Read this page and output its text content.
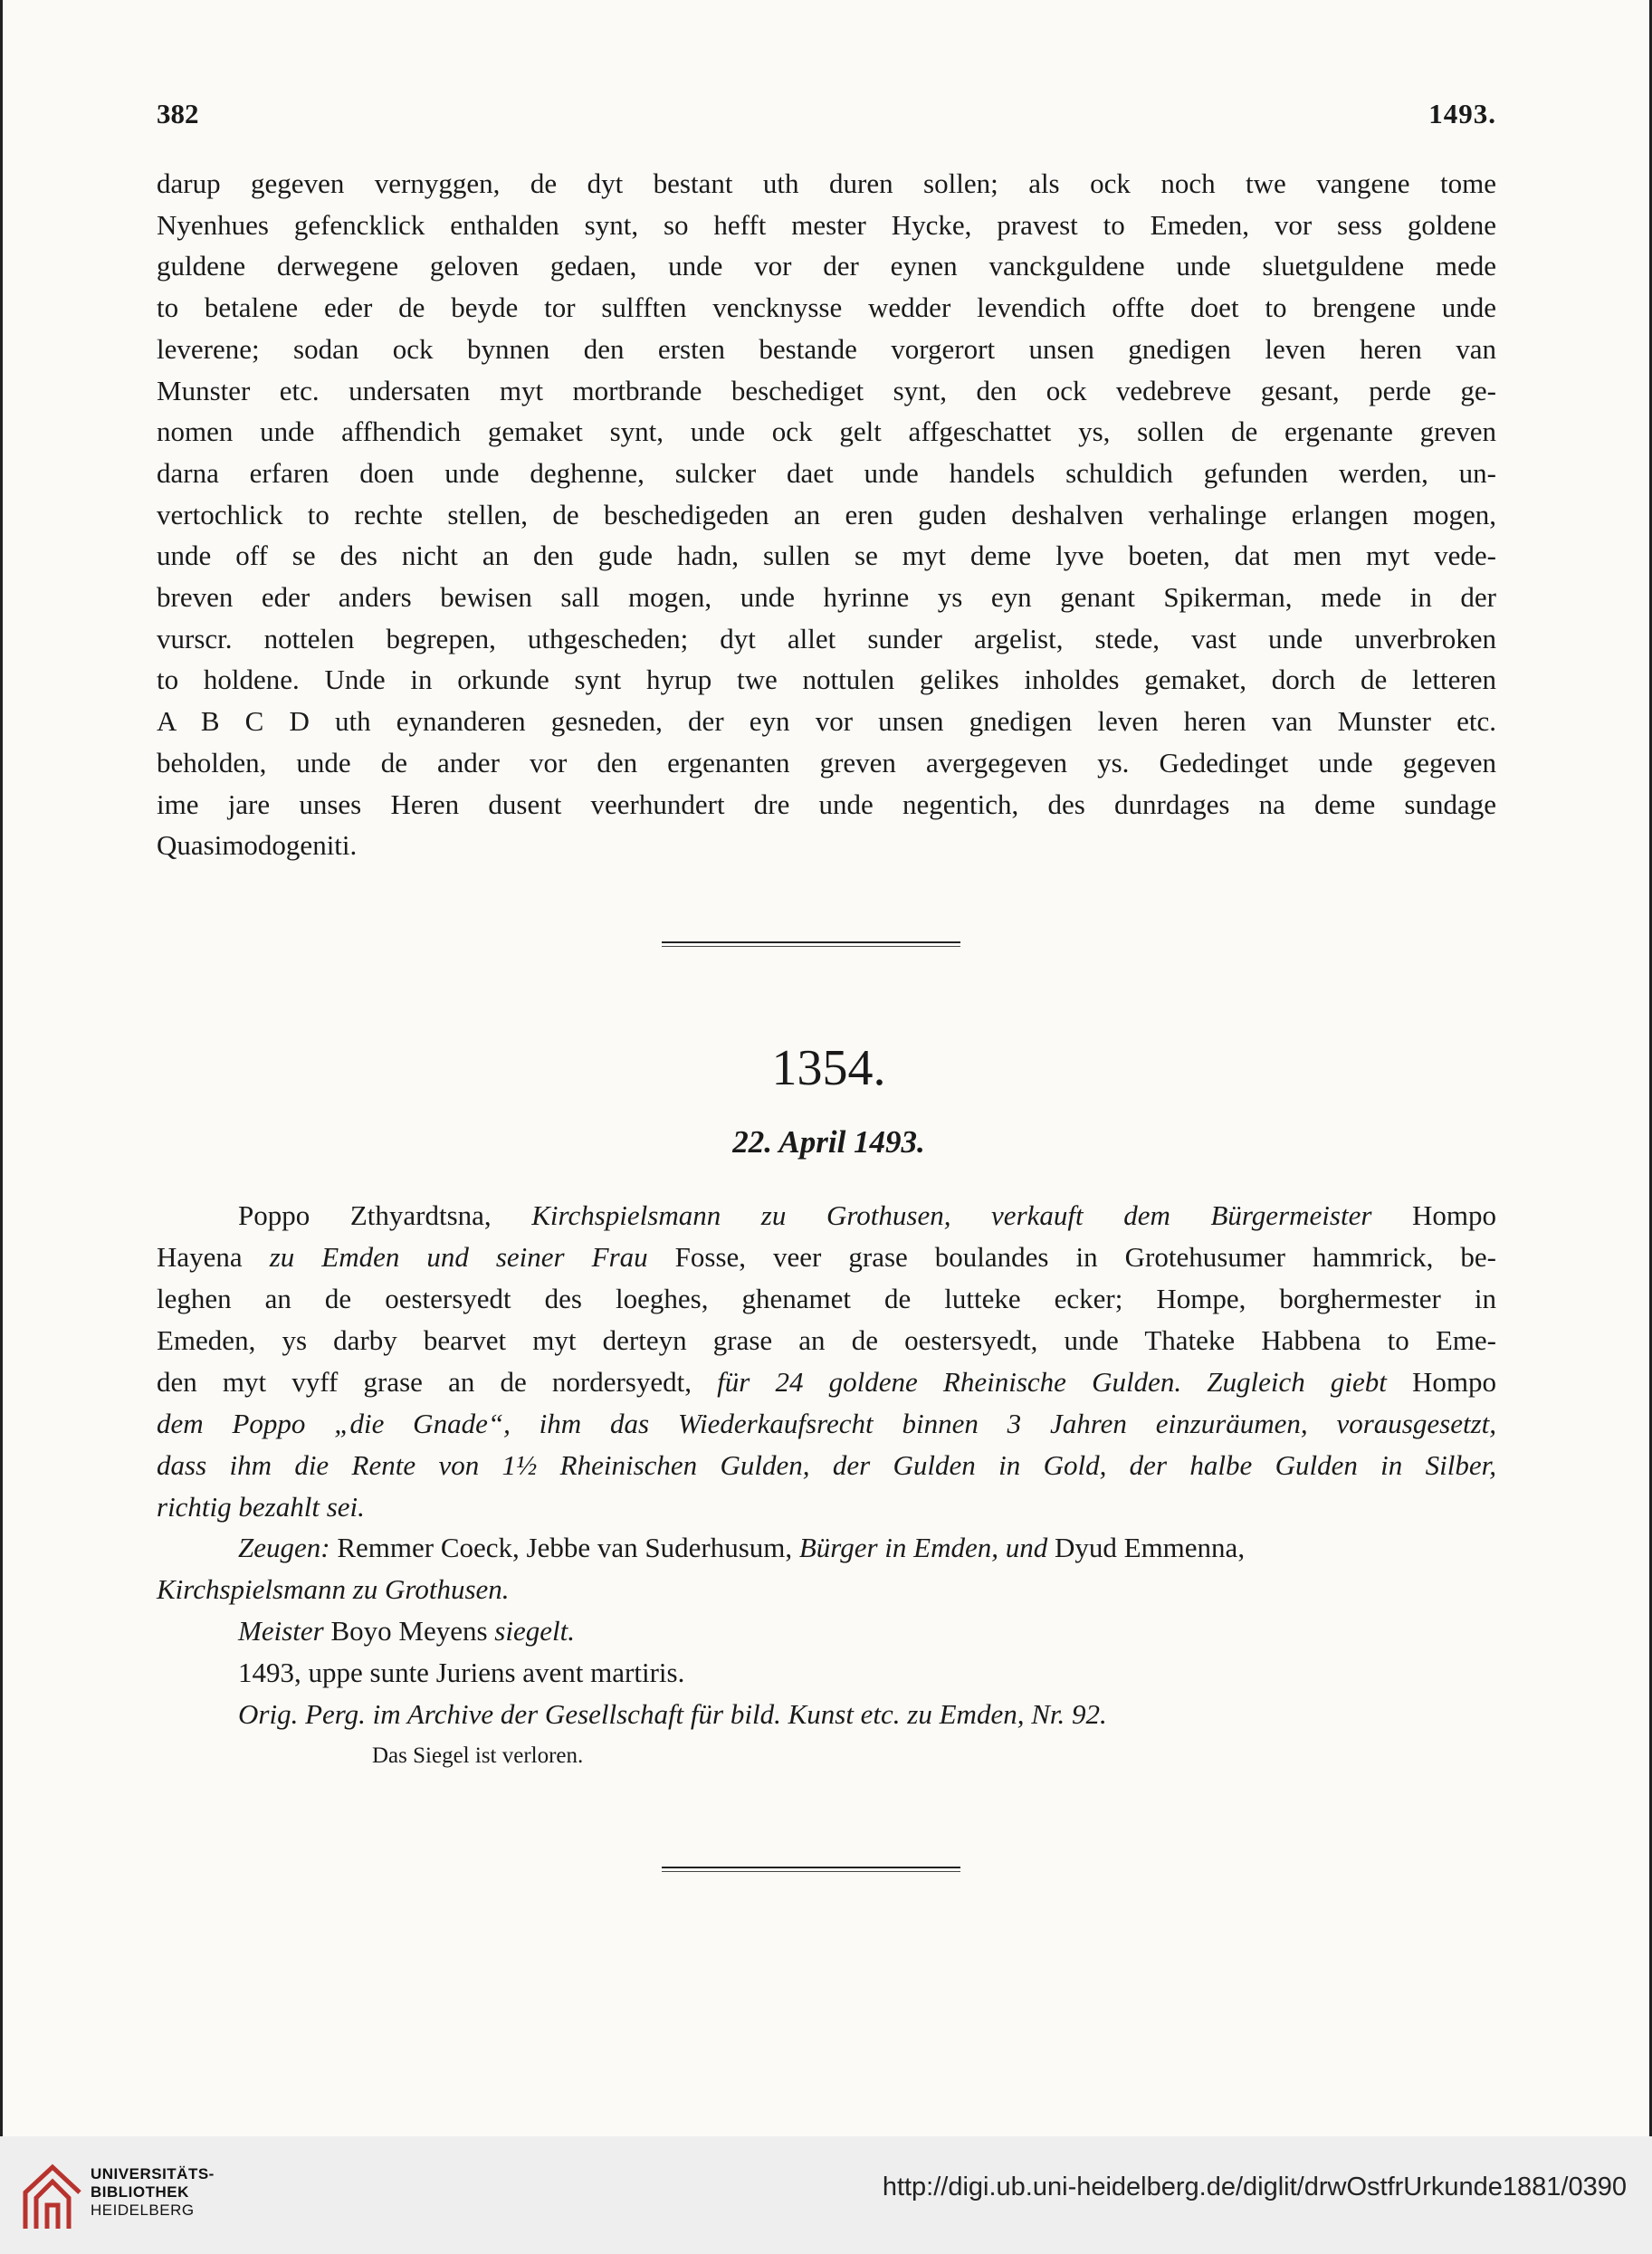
382	1493.
darup gegeven vernyggen, de dyt bestant uth duren sollen; als ock noch twe vangene tome
Nyenhues gefencklick enthalden synt, so hefft mester Hycke, pravest to Emeden, vor sess goldene
guldene derwegene geloven gedaen, unde vor der eynen vanckguldene unde sluetguldene mede
to betalene eder de beyde tor sulfften vencknysse wedder levendich offte doet to brengene unde
leverene; sodan ock bynnen den ersten bestande vorgerort unsen gnedigen leven heren van
Munster etc. undersaten myt mortbrande beschediget synt, den ock vedebreve gesant, perde ge-
nomen unde affhendich gemaket synt, unde ock gelt affgeschattet ys, sollen de ergenante greven
darna erfaren doen unde deghenne, sulcker daet unde handels schuldich gefunden werden, un-
vertochlick to rechte stellen, de beschedigeden an eren guden deshalven verhalinge erlangen mogen,
unde off se des nicht an den gude hadn, sullen se myt deme lyve boeten, dat men myt vede-
breven eder anders bewisen sall mogen, unde hyrinne ys eyn genant Spikerman, mede in der
vurscr. nottelen begrepen, uthgescheden; dyt allet sunder argelist, stede, vast unde unverbroken
to holdene. Unde in orkunde synt hyrup twe nottulen gelikes inholdes gemaket, dorch de letteren
A B C D uth eynanderen gesneden, der eyn vor unsen gnedigen leven heren van Munster etc.
beholden, unde de ander vor den ergenanten greven avergegeven ys. Gededinget unde gegeven
ime jare unses Heren dusent veerhundert dre unde negentich, des dunrdages na deme sundage
Quasimodogeniti.
1354.
22. April 1493.
Poppo Zthyardtsna, Kirchspielsmann zu Grothusen, verkauft dem Bürgermeister Hompo
Hayena zu Emden und seiner Frau Fosse, veer grase boulandes in Grotehusumer hammrick, be-
leghen an de oestersyedt des loeghes, ghenamet de lutteke ecker; Hompe, borghermester in
Emeden, ys darby bearvet myt derteyn grase an de oestersyedt, unde Thateke Habbena to Eme-
den myt vyff grase an de nordersyedt, für 24 goldene Rheinische Gulden. Zugleich giebt Hompo
dem Poppo „die Gnade“, ihm das Wiederkaufsrecht binnen 3 Jahren einzuräumen, vorausgesetzt,
dass ihm die Rente von 1½ Rheinischen Gulden, der Gulden in Gold, der halbe Gulden in Silber,
richtig bezahlt sei.
Zeugen: Remmer Coeck, Jebbe van Suderhusum, Bürger in Emden, und Dyud Emmenna,
Kirchspielsmann zu Grothusen.
Meister Boyo Meyens siegelt.
1493, uppe sunte Juriens avent martiris.
Orig. Perg. im Archive der Gesellschaft für bild. Kunst etc. zu Emden, Nr. 92.
Das Siegel ist verloren.
UNIVERSITÄTS-
BIBLIOTHEK
HEIDELBERG
http://digi.ub.uni-heidelberg.de/diglit/drwOstfrUrkunde1881/0390
